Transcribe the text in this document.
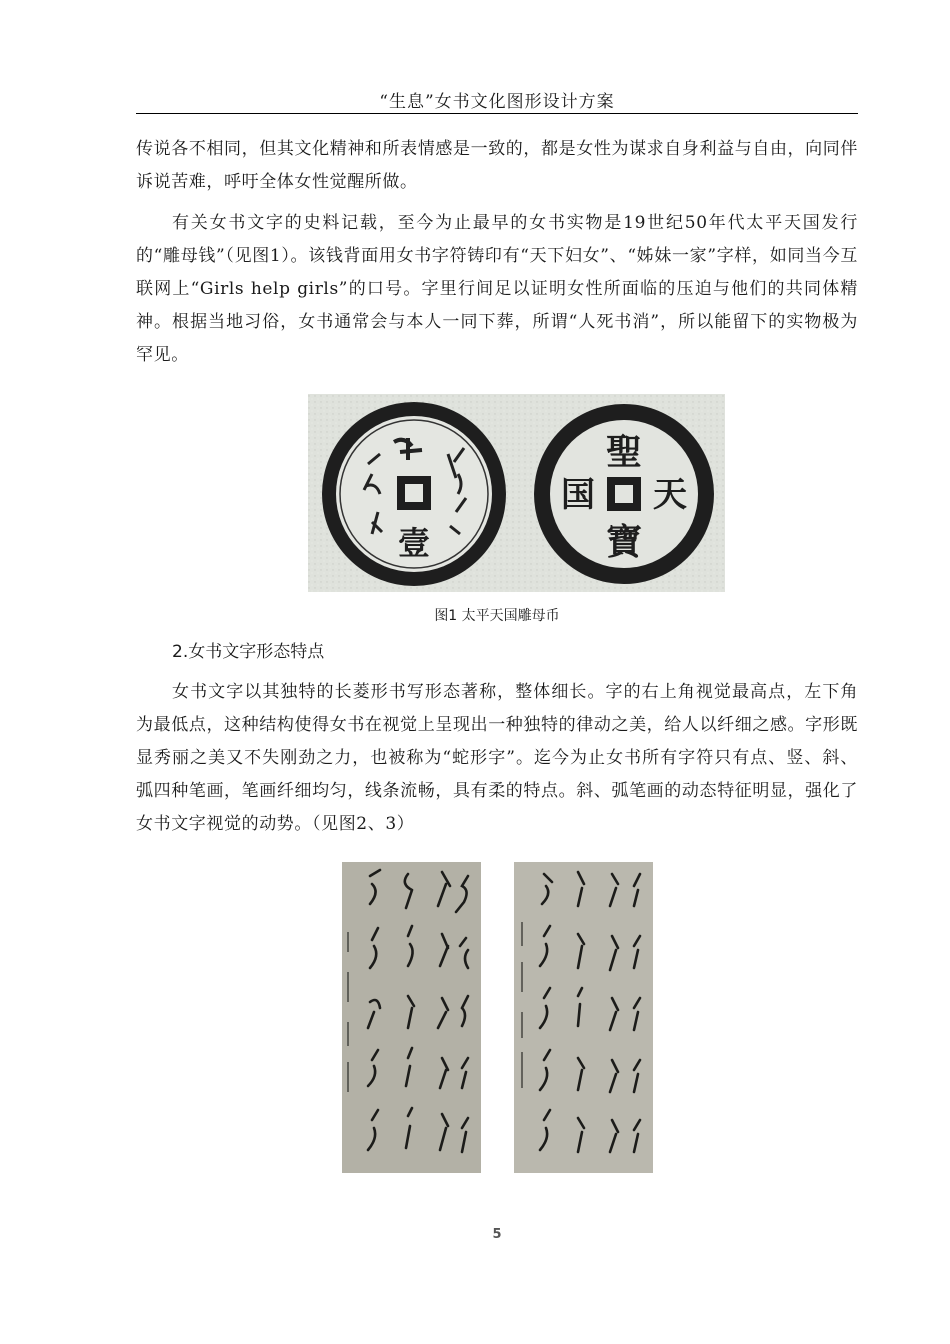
“生息”女书文化图形设计方案

传说各不相同，但其文化精神和所表情感是一致的，都是女性为谋求自身利益与自由，向同伴诉说苦难，呼吁全体女性觉醒所做。

有关女书文字的史料记载，至今为止最早的女书实物是19世纪50年代太平天国发行的“雕母钱”（见图1）。该钱背面用女书字符铸印有“天下妇女”、“姊妹一家”字样，如同当今互联网上“Girls help girls”的口号。字里行间足以证明女性所面临的压迫与他们的共同体精神。根据当地习俗，女书通常会与本人一同下葬，所谓“人死书消”，所以能留下的实物极为罕见。

壹
聖
天
寶
国
图1 太平天国雕母币
2.女书文字形态特点

女书文字以其独特的长菱形书写形态著称，整体细长。字的右上角视觉最高点，左下角为最低点，这种结构使得女书在视觉上呈现出一种独特的律动之美，给人以纤细之感。字形既显秀丽之美又不失刚劲之力，也被称为“蛇形字”。迄今为止女书所有字符只有点、竖、斜、弧四种笔画，笔画纤细均匀，线条流畅，具有柔的特点。斜、弧笔画的动态特征明显，强化了女书文字视觉的动势。（见图2、3）

5
